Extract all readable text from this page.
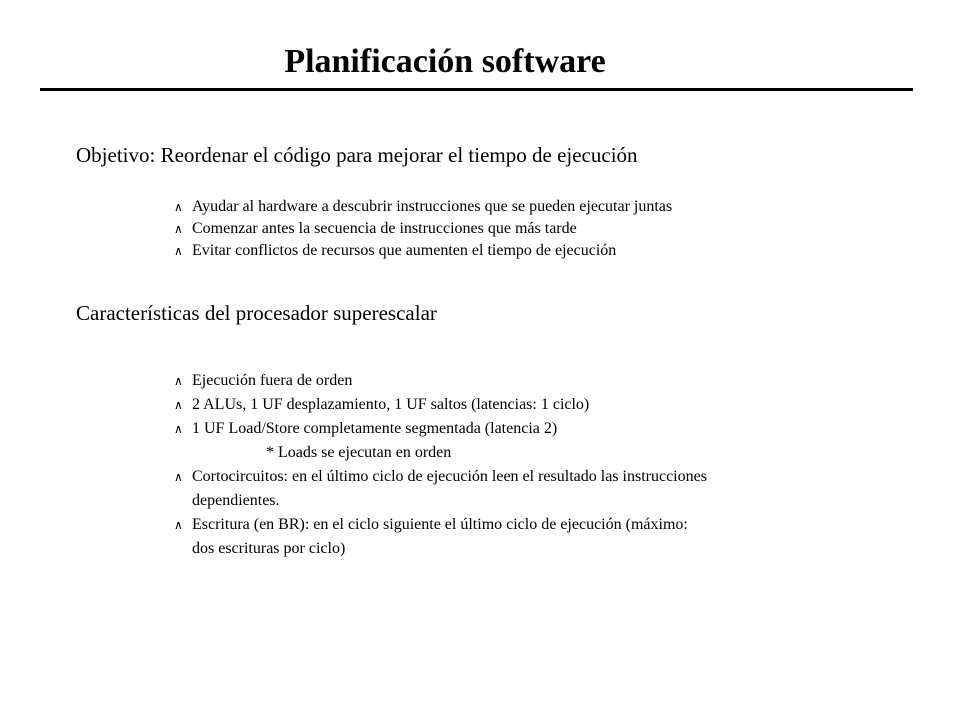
Planificación software

Objetivo: Reordenar el código para mejorar el tiempo de ejecución

∧
Ayudar al hardware a descubrir instrucciones que se pueden ejecutar juntas
∧
Comenzar antes la secuencia de instrucciones que más tarde
∧
Evitar conflictos de recursos que aumenten el tiempo de ejecución

Características del procesador superescalar

∧
Ejecución fuera de orden
∧
2 ALUs, 1 UF desplazamiento, 1 UF saltos (latencias: 1 ciclo)
∧
1 UF Load/Store completamente segmentada (latencia 2)
* Loads se ejecutan en orden
∧
Cortocircuitos: en el último ciclo de ejecución leen el resultado las instrucciones
dependientes.
∧
Escritura (en BR): en el ciclo siguiente el último ciclo de ejecución (máximo:
dos escrituras por ciclo)
